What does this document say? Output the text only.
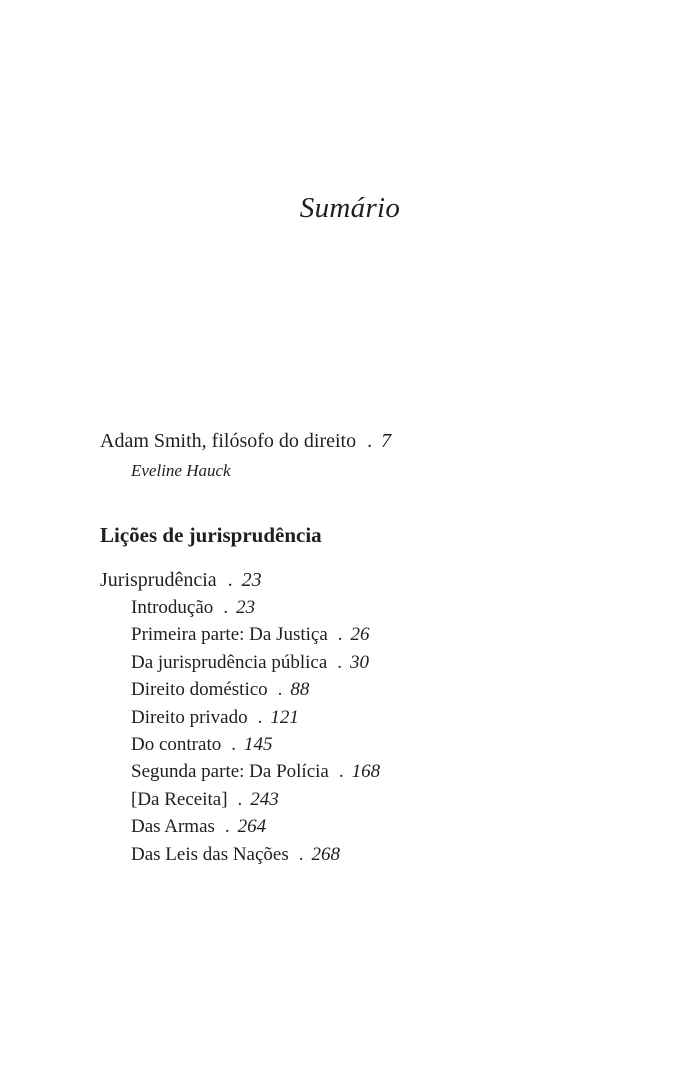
Sumário
Adam Smith, filósofo do direito . 7
Eveline Hauck
Lições de jurisprudência
Jurisprudência . 23
Introdução . 23
Primeira parte: Da Justiça . 26
Da jurisprudência pública . 30
Direito doméstico . 88
Direito privado . 121
Do contrato . 145
Segunda parte: Da Polícia . 168
[Da Receita] . 243
Das Armas . 264
Das Leis das Nações . 268
